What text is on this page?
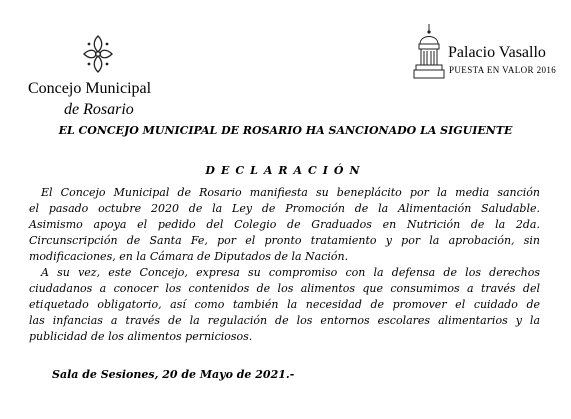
Concejo Municipal
de Rosario
Palacio Vasallo
PUESTA EN VALOR 2016
EL CONCEJO MUNICIPAL DE ROSARIO HA SANCIONADO LA SIGUIENTE
DECLARACIÓN
El Concejo Municipal de Rosario manifiesta su beneplácito por la media sanción
el pasado octubre 2020 de la Ley de Promoción de la Alimentación Saludable.
Asimismo apoya el pedido del Colegio de Graduados en Nutrición de la 2da.
Circunscripción de Santa Fe, por el pronto tratamiento y por la aprobación, sin
modificaciones, en la Cámara de Diputados de la Nación.
A su vez, este Concejo, expresa su compromiso con la defensa de los derechos
ciudadanos a conocer los contenidos de los alimentos que consumimos a través del
etiquetado obligatorio, así como también la necesidad de promover el cuidado de
las infancias a través de la regulación de los entornos escolares alimentarios y la
publicidad de los alimentos perniciosos.
Sala de Sesiones, 20 de Mayo de 2021.-
